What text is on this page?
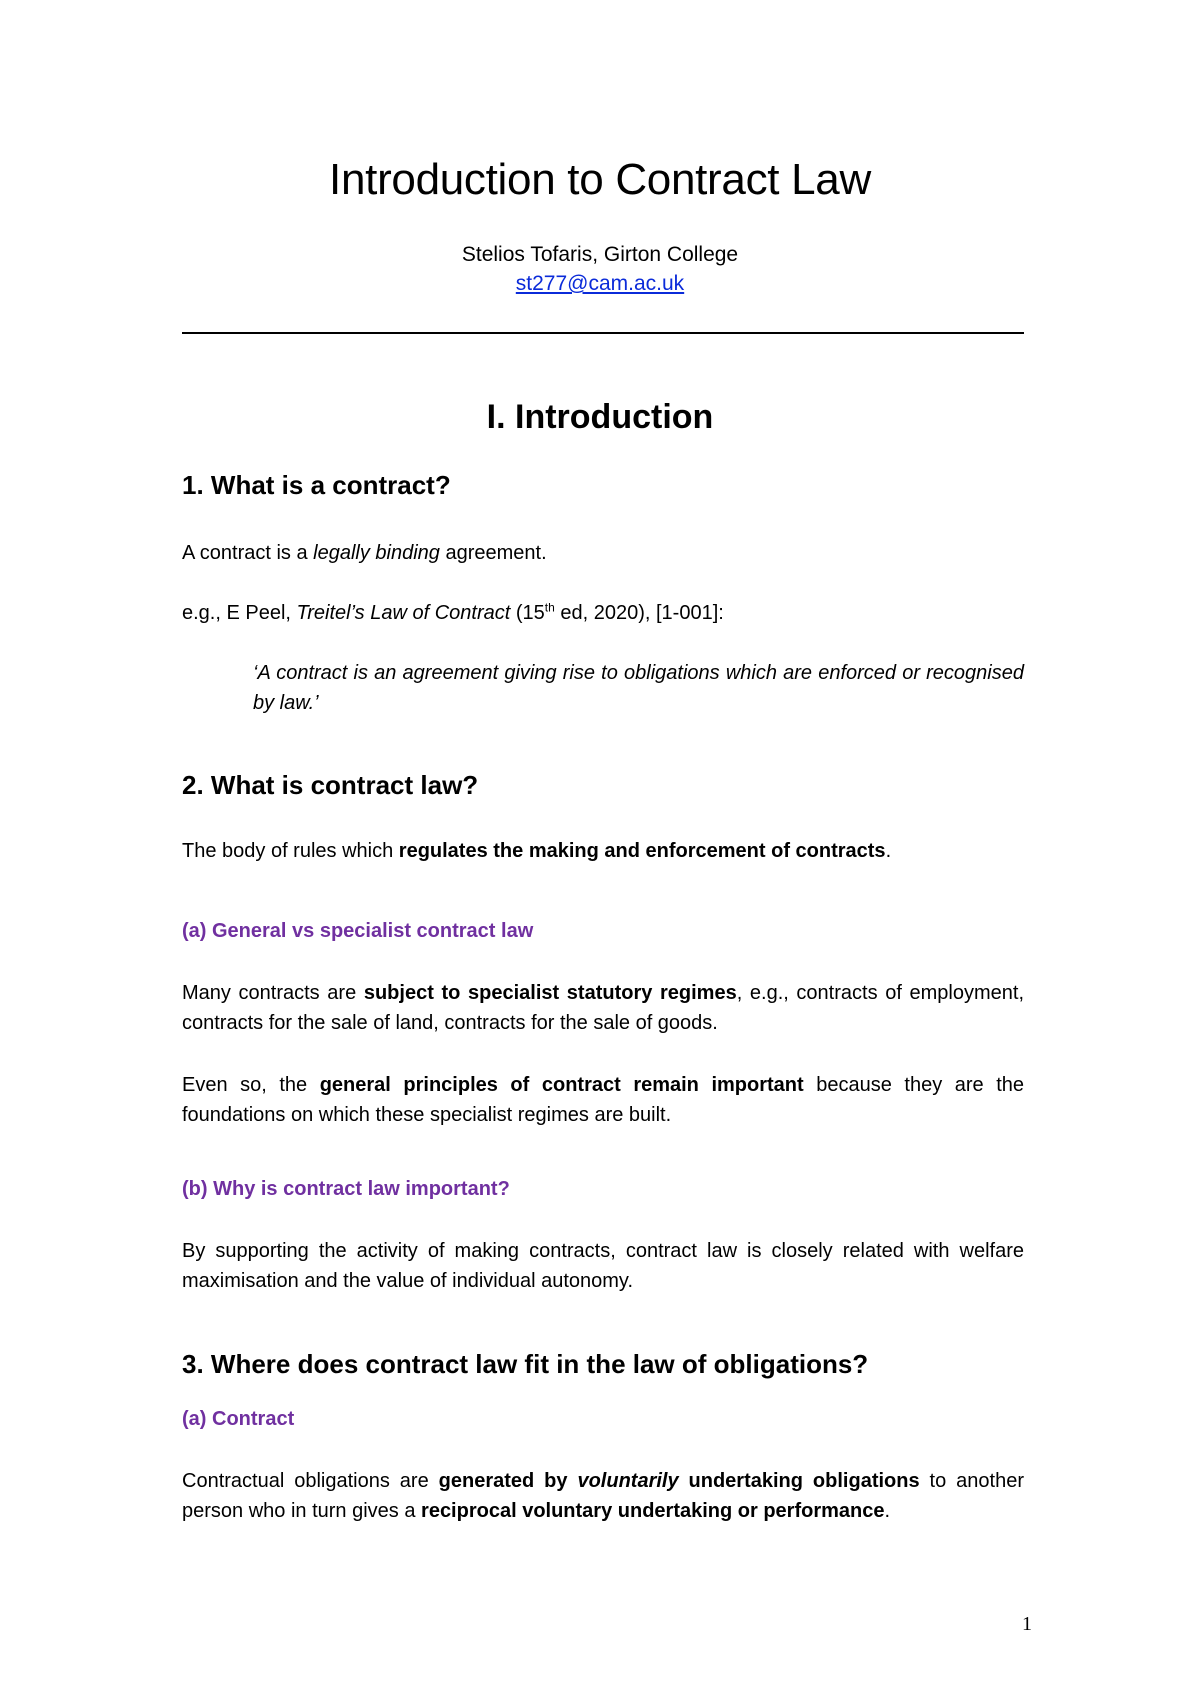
Introduction to Contract Law

Stelios Tofaris, Girton College

st277@cam.ac.uk
I. Introduction
1. What is a contract?

A contract is a legally binding agreement.

e.g., E Peel, Treitel’s Law of Contract (15th ed, 2020), [1-001]:

‘A contract is an agreement giving rise to obligations which are enforced or recognised by law.’

2. What is contract law?

The body of rules which regulates the making and enforcement of contracts.

(a) General vs specialist contract law

Many contracts are subject to specialist statutory regimes, e.g., contracts of employment, contracts for the sale of land, contracts for the sale of goods.

Even so, the general principles of contract remain important because they are the foundations on which these specialist regimes are built.

(b) Why is contract law important?

By supporting the activity of making contracts, contract law is closely related with welfare maximisation and the value of individual autonomy.

3. Where does contract law fit in the law of obligations?
(a) Contract

Contractual obligations are generated by voluntarily undertaking obligations to another person who in turn gives a reciprocal voluntary undertaking or performance.

1
